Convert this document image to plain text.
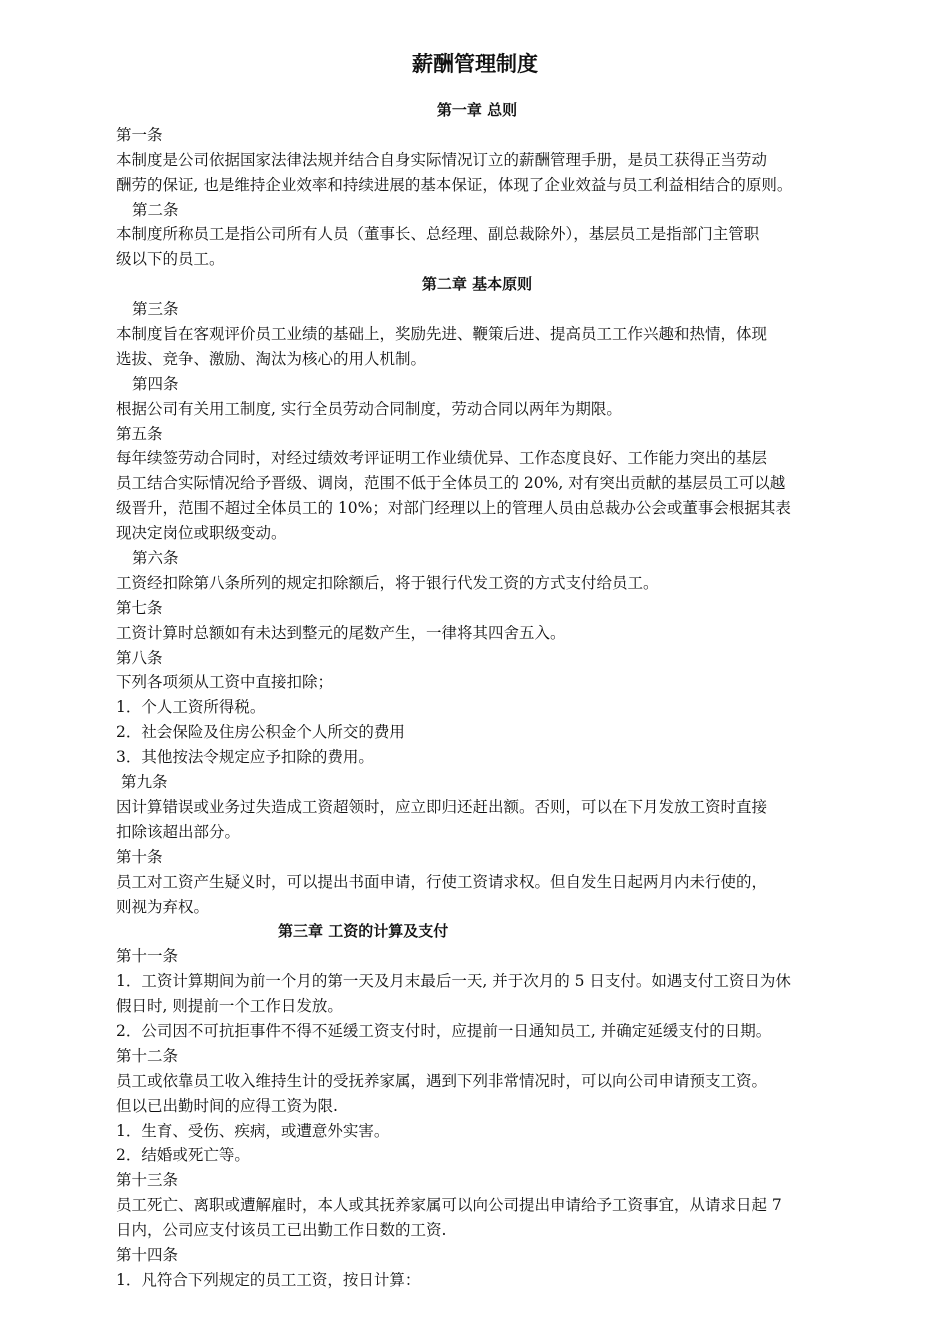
薪酬管理制度
第一章 总则
第一条
本制度是公司依据国家法律法规并结合自身实际情况订立的薪酬管理手册，是员工获得正当劳动
酬劳的保证, 也是维持企业效率和持续进展的基本保证，体现了企业效益与员工利益相结合的原则。
第二条
本制度所称员工是指公司所有人员（董事长、总经理、副总裁除外），基层员工是指部门主管职
级以下的员工。
第二章 基本原则
第三条
本制度旨在客观评价员工业绩的基础上，奖励先进、鞭策后进、提高员工工作兴趣和热情，体现
选拔、竞争、激励、淘汰为核心的用人机制。
第四条
根据公司有关用工制度, 实行全员劳动合同制度，劳动合同以两年为期限。
第五条
每年续签劳动合同时，对经过绩效考评证明工作业绩优异、工作态度良好、工作能力突出的基层
员工结合实际情况给予晋级、调岗，范围不低于全体员工的 20%, 对有突出贡献的基层员工可以越
级晋升，范围不超过全体员工的 10%；对部门经理以上的管理人员由总裁办公会或董事会根据其表
现决定岗位或职级变动。
第六条
工资经扣除第八条所列的规定扣除额后，将于银行代发工资的方式支付给员工。
第七条
工资计算时总额如有未达到整元的尾数产生，一律将其四舍五入。
第八条
下列各项须从工资中直接扣除；
1．个人工资所得税。
2．社会保险及住房公积金个人所交的费用
3．其他按法令规定应予扣除的费用。
第九条
因计算错误或业务过失造成工资超领时，应立即归还赶出额。否则，可以在下月发放工资时直接
扣除该超出部分。
第十条
员工对工资产生疑义时，可以提出书面申请，行使工资请求权。但自发生日起两月内未行使的，
则视为弃权。
第三章 工资的计算及支付
第十一条
1．工资计算期间为前一个月的第一天及月末最后一天, 并于次月的 5 日支付。如遇支付工资日为休
假日时, 则提前一个工作日发放。
2．公司因不可抗拒事件不得不延缓工资支付时，应提前一日通知员工, 并确定延缓支付的日期。
第十二条
员工或依靠员工收入维持生计的受抚养家属，遇到下列非常情况时，可以向公司申请预支工资。
但以已出勤时间的应得工资为限.
1．生育、受伤、疾病，或遭意外实害。
2．结婚或死亡等。
第十三条
员工死亡、离职或遭解雇时，本人或其抚养家属可以向公司提出申请给予工资事宜，从请求日起 7
日内，公司应支付该员工已出勤工作日数的工资.
第十四条
1．凡符合下列规定的员工工资，按日计算：
